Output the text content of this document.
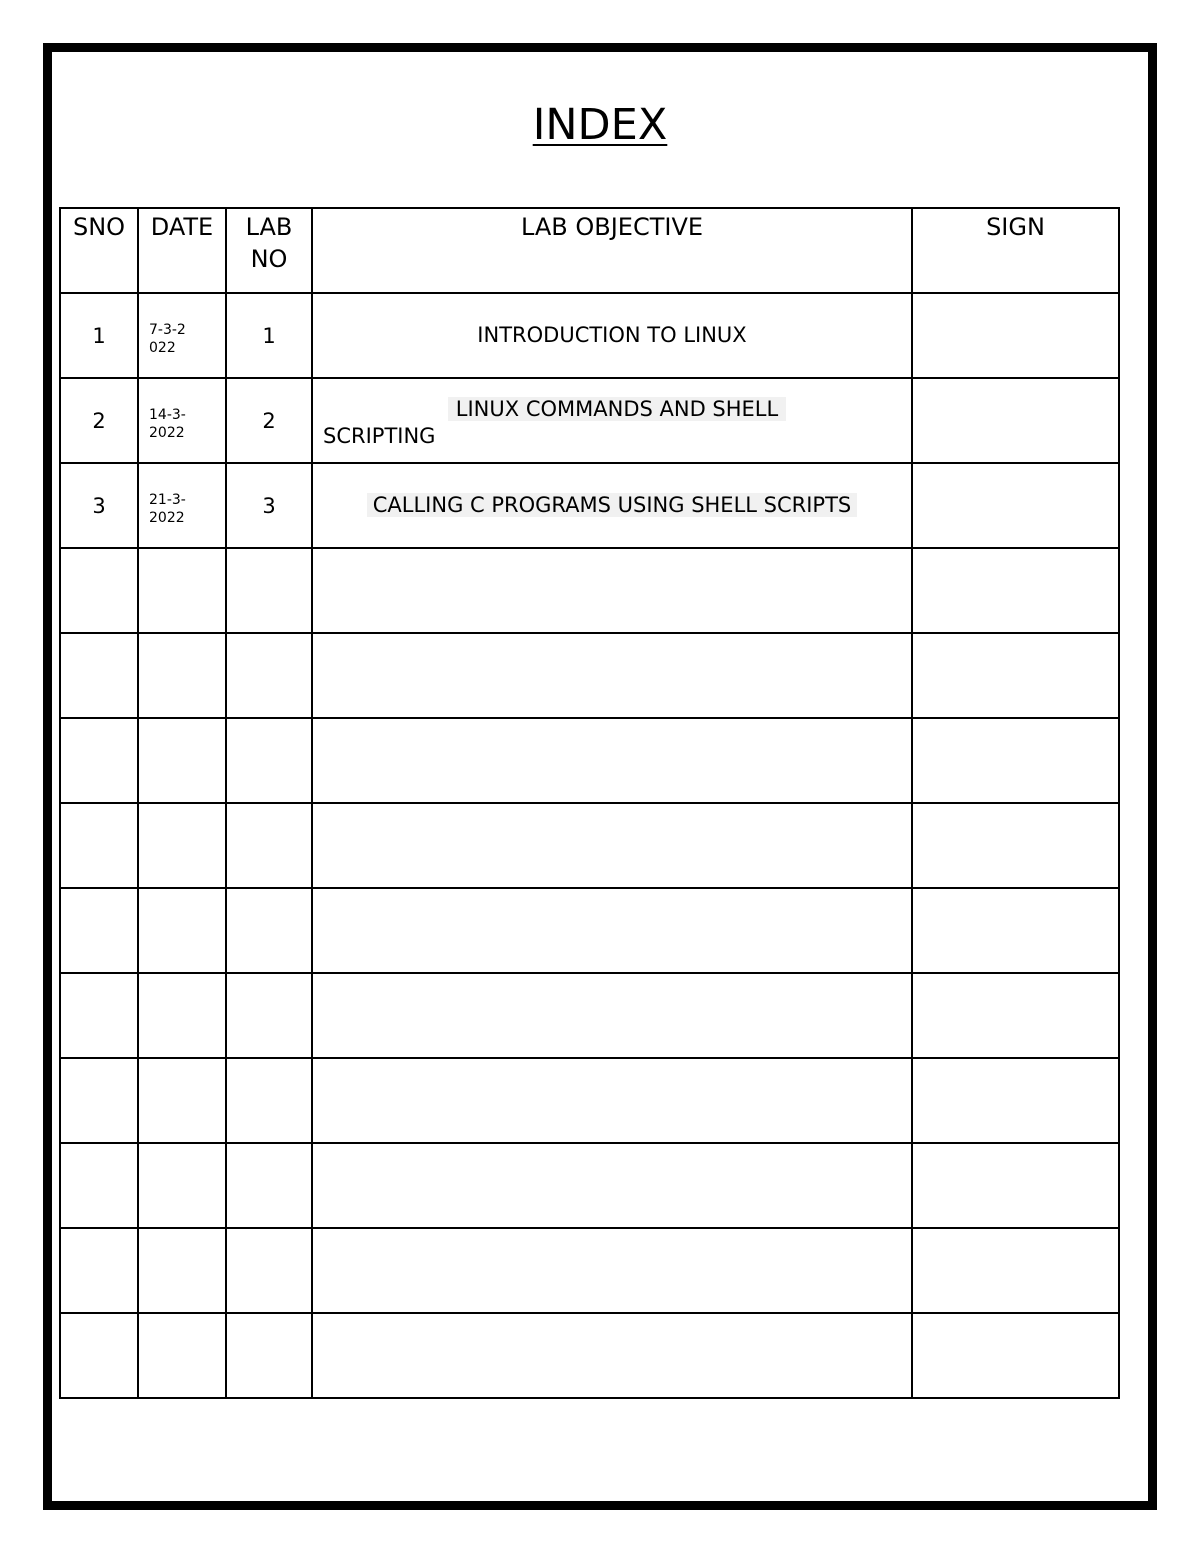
INDEX
SNO	DATE	LAB NO	LAB OBJECTIVE	SIGN
1	7-3-2022	1	INTRODUCTION TO LINUX	
2	14-3-2022	2	LINUX COMMANDS AND SHELL
SCRIPTING	
3	21-3-2022	3	CALLING C PROGRAMS USING SHELL SCRIPTS	
